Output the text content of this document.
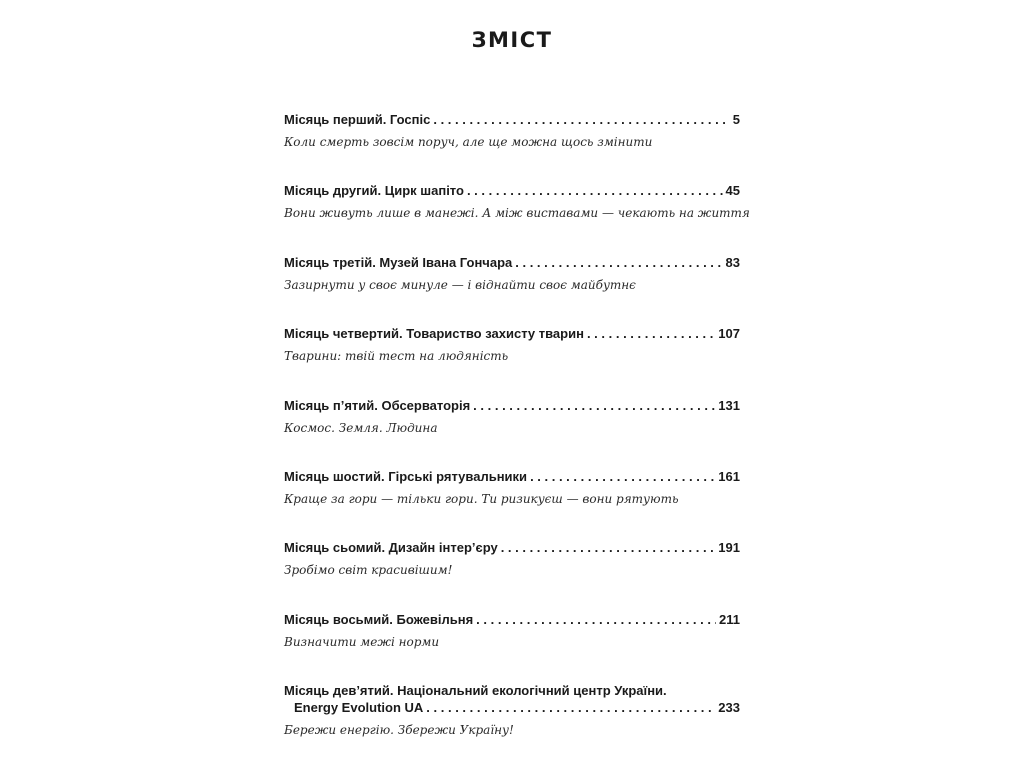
ЗМІСТ
Місяць перший. Госпіс . . .	5
Коли смерть зовсім поруч, але ще можна щось змінити
Місяць другий. Цирк шапіто . . .	45
Вони живуть лише в манежі. А між виставами — чекають на життя
Місяць третій. Музей Івана Гончара . . .	83
Зазирнути у своє минуле — і віднайти своє майбутнє
Місяць четвертий. Товариство захисту тварин . . .	107
Тварини: твій тест на людяність
Місяць п’ятий. Обсерваторія . . .	131
Космос. Земля. Людина
Місяць шостий. Гірські рятувальники . . .	161
Краще за гори — тільки гори. Ти ризикуєш — вони рятують
Місяць сьомий. Дизайн інтер’єру . . .	191
Зробімо світ красивішим!
Місяць восьмий. Божевільня . . .	211
Визначити межі норми
Місяць дев’ятий. Національний екологічний центр України.
Energy Evolution UA . . .	233
Бережи енергію. Збережи Україну!
